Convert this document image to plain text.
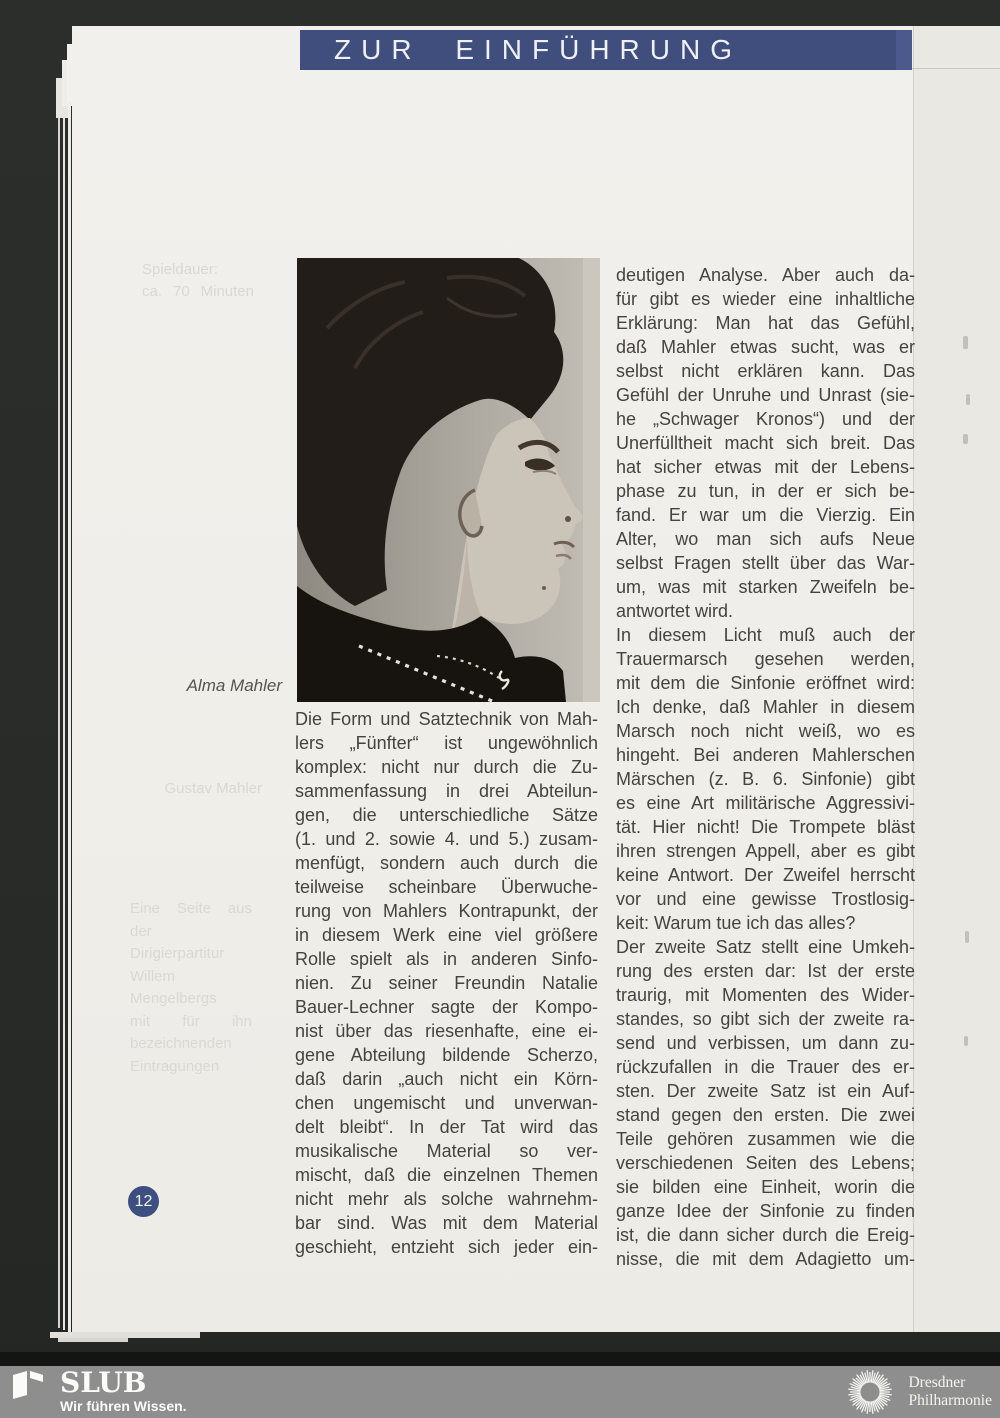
ZUR EINFÜHRUNG
Alma Mahler
Spieldauer:
ca. 70 Minuten
Gustav Mahler
Eine Seite aus der
Dirigierpartitur
Willem
Mengelbergs
mit für ihn
bezeichnenden
Eintragungen
Die Form und Satztechnik von Mah-
lers „Fünfter“ ist ungewöhnlich
komplex: nicht nur durch die Zu-
sammenfassung in drei Abteilun-
gen, die unterschiedliche Sätze
(1. und 2. sowie 4. und 5.) zusam-
menfügt, sondern auch durch die
teilweise scheinbare Überwuche-
rung von Mahlers Kontrapunkt, der
in diesem Werk eine viel größere
Rolle spielt als in anderen Sinfo-
nien. Zu seiner Freundin Natalie
Bauer-Lechner sagte der Kompo-
nist über das riesenhafte, eine ei-
gene Abteilung bildende Scherzo,
daß darin „auch nicht ein Körn-
chen ungemischt und unverwan-
delt bleibt“. In der Tat wird das
musikalische Material so ver-
mischt, daß die einzelnen Themen
nicht mehr als solche wahrnehm-
bar sind. Was mit dem Material
geschieht, entzieht sich jeder ein-
deutigen Analyse. Aber auch da-
für gibt es wieder eine inhaltliche
Erklärung: Man hat das Gefühl,
daß Mahler etwas sucht, was er
selbst nicht erklären kann. Das
Gefühl der Unruhe und Unrast (sie-
he „Schwager Kronos“) und der
Unerfülltheit macht sich breit. Das
hat sicher etwas mit der Lebens-
phase zu tun, in der er sich be-
fand. Er war um die Vierzig. Ein
Alter, wo man sich aufs Neue
selbst Fragen stellt über das War-
um, was mit starken Zweifeln be-
antwortet wird.
In diesem Licht muß auch der
Trauermarsch gesehen werden,
mit dem die Sinfonie eröffnet wird:
Ich denke, daß Mahler in diesem
Marsch noch nicht weiß, wo es
hingeht. Bei anderen Mahlerschen
Märschen (z. B. 6. Sinfonie) gibt
es eine Art militärische Aggressivi-
tät. Hier nicht! Die Trompete bläst
ihren strengen Appell, aber es gibt
keine Antwort. Der Zweifel herrscht
vor und eine gewisse Trostlosig-
keit: Warum tue ich das alles?
Der zweite Satz stellt eine Umkeh-
rung des ersten dar: Ist der erste
traurig, mit Momenten des Wider-
standes, so gibt sich der zweite ra-
send und verbissen, um dann zu-
rückzufallen in die Trauer des er-
sten. Der zweite Satz ist ein Auf-
stand gegen den ersten. Die zwei
Teile gehören zusammen wie die
verschiedenen Seiten des Lebens;
sie bilden eine Einheit, worin die
ganze Idee der Sinfonie zu finden
ist, die dann sicher durch die Ereig-
nisse, die mit dem Adagietto um-
12
SLUB
Wir führen Wissen.
Dresdner
Philharmonie
